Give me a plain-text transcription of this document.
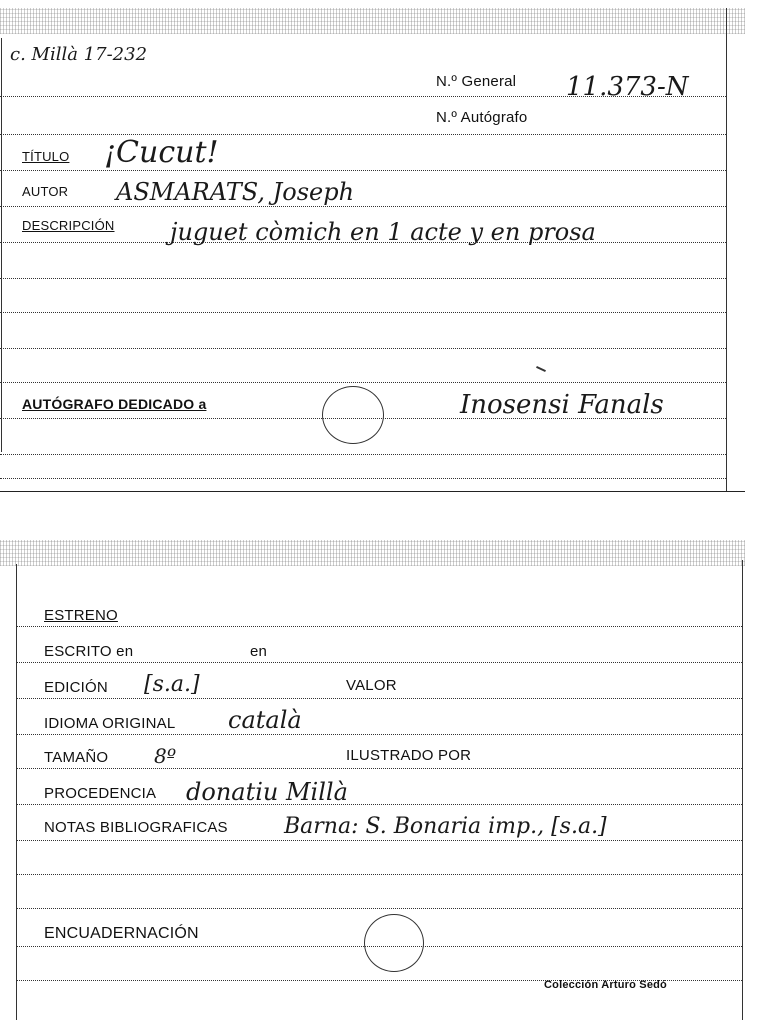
c. Millà 17-232
N.º General 11.373-N
N.º Autógrafo
TÍTULO ¡Cucut!
AUTOR ASMARATS, Joseph
DESCRIPCIÓN juguet còmich en 1 acte y en prosa
AUTÓGRAFO DEDICADO a	Inosensi Fanals
ESTRENO
ESCRITO en	en
EDICIÓN [s.a.]	VALOR
IDIOMA ORIGINAL català
TAMAÑO 8º	ILUSTRADO POR
PROCEDENCIA donatiu Millà
NOTAS BIBLIOGRAFICAS	Barna: S. Bonaria imp., [s.a.]
ENCUADERNACIÓN
Colección Arturo Sedó
